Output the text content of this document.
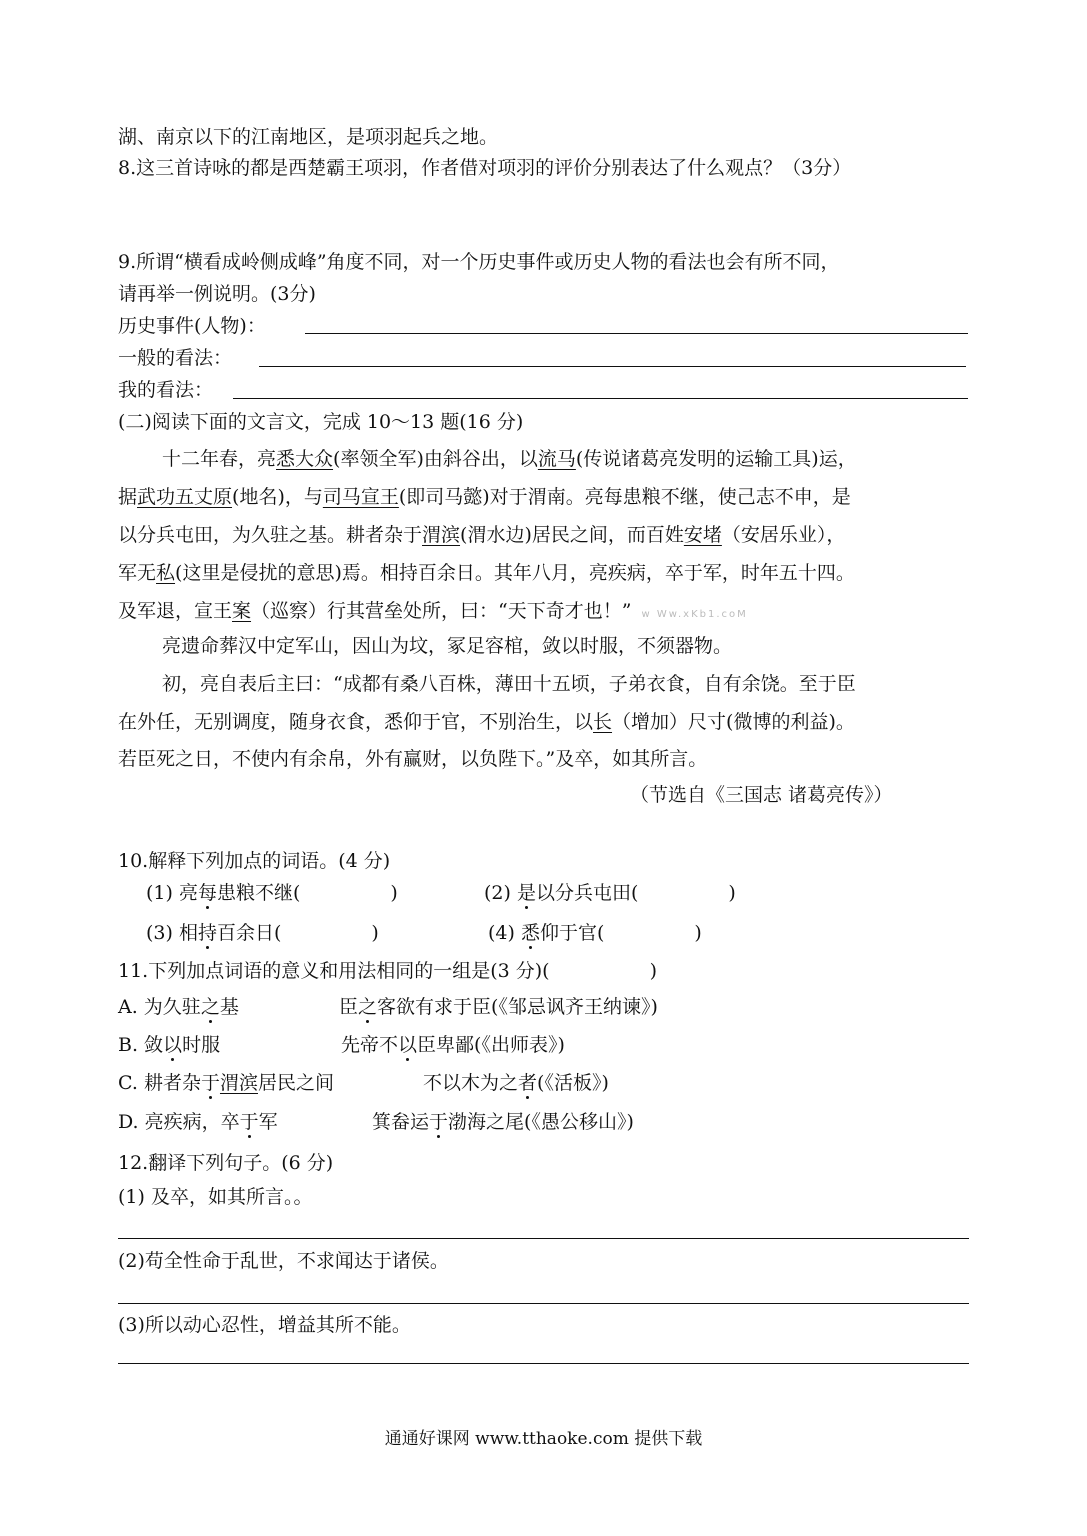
湖、南京以下的江南地区，是项羽起兵之地。
8.这三首诗咏的都是西楚霸王项羽，作者借对项羽的评价分别表达了什么观点？（3分）
9.所谓“横看成岭侧成峰”角度不同，对一个历史事件或历史人物的看法也会有所不同，
请再举一例说明。(3分)
历史事件(人物)：
一般的看法：
我的看法：
(二)阅读下面的文言文，完成 10～13 题(16 分)
十二年春，亮悉大众(率领全军)由斜谷出，以流马(传说诸葛亮发明的运输工具)运，
据武功五丈原(地名)，与司马宣王(即司马懿)对于渭南。亮每患粮不继，使己志不申，是
以分兵屯田，为久驻之基。耕者杂于渭滨(渭水边)居民之间，而百姓安堵（安居乐业），
军无私(这里是侵扰的意思)焉。相持百余日。其年八月，亮疾病，卒于军，时年五十四。
及军退，宣王案（巡察）行其营垒处所，曰：“天下奇才也！” w Ww.xKb1.coM
亮遗命葬汉中定军山，因山为坟，冢足容棺，敛以时服，不须器物。
初，亮自表后主曰：“成都有桑八百株，薄田十五顷，子弟衣食，自有余饶。至于臣
在外任，无别调度，随身衣食，悉仰于官，不别治生，以长（增加）尺寸(微博的利益)。
若臣死之日，不使内有余帛，外有赢财，以负陛下。”及卒，如其所言。
（节选自《三国志 诸葛亮传》）
10.解释下列加点的词语。(4 分)
(1) 亮每患粮不继(	)	(2) 是以分兵屯田(	)
(3) 相持百余日(	)	(4) 悉仰于官(	)
11.下列加点词语的意义和用法相同的一组是(3 分)(	)
A. 为久驻之基	臣之客欲有求于臣(《邹忌讽齐王纳谏》)
B. 敛以时服	先帝不以臣卑鄙(《出师表》)
C. 耕者杂于渭滨居民之间	不以木为之者(《活板》)
D. 亮疾病，卒于军	箕畚运于渤海之尾(《愚公移山》)
12.翻译下列句子。(6 分)
(1) 及卒，如其所言。。
(2)苟全性命于乱世，不求闻达于诸侯。
(3)所以动心忍性，增益其所不能。
通通好课网 www.tthaoke.com 提供下载
